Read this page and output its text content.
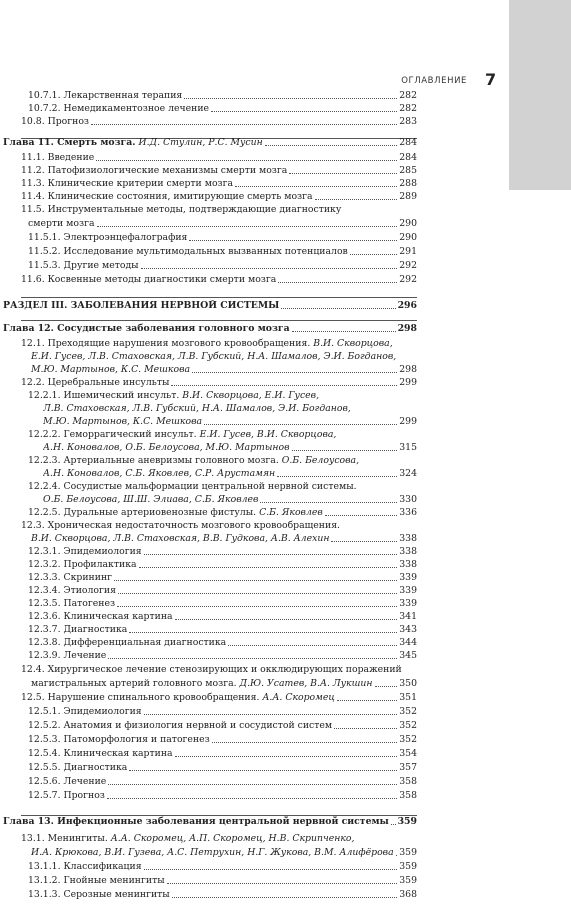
ОГЛАВЛЕНИЕ 7
10.7.1. Лекарственная терапия	282
10.7.2. Немедикаментозное лечение	282
10.8. Прогноз	283
Глава 11. Смерть мозга. И.Д. Стулин, Р.С. Мусин	284
11.1. Введение	284
11.2. Патофизиологические механизмы смерти мозга	285
11.3. Клинические критерии смерти мозга	288
11.4. Клинические состояния, имитирующие смерть мозга	289
11.5. Инструментальные методы, подтверждающие диагностику
смерти мозга	290
11.5.1. Электроэнцефалография	290
11.5.2. Исследование мультимодальных вызванных потенциалов	291
11.5.3. Другие методы	292
11.6. Косвенные методы диагностики смерти мозга	292
РАЗДЕЛ III. ЗАБОЛЕВАНИЯ НЕРВНОЙ СИСТЕМЫ	296
Глава 12. Сосудистые заболевания головного мозга	298
12.1. Преходящие нарушения мозгового кровообращения. В.И. Скворцова,
Е.И. Гусев, Л.В. Стаховская, Л.В. Губский, Н.А. Шамалов, Э.И. Богданов,
М.Ю. Мартынов, К.С. Мешкова	298
12.2. Церебральные инсульты	299
12.2.1. Ишемический инсульт. В.И. Скворцова, Е.И. Гусев,
Л.В. Стаховская, Л.В. Губский, Н.А. Шамалов, Э.И. Богданов,
М.Ю. Мартынов, К.С. Мешкова	299
12.2.2. Геморрагический инсульт. Е.И. Гусев, В.И. Скворцова,
А.Н. Коновалов, О.Б. Белоусова, М.Ю. Мартынов	315
12.2.3. Артериальные аневризмы головного мозга. О.Б. Белоусова,
А.Н. Коновалов, С.Б. Яковлев, С.Р. Арустамян	324
12.2.4. Сосудистые мальформации центральной нервной системы.
О.Б. Белоусова, Ш.Ш. Элиава, С.Б. Яковлев	330
12.2.5. Дуральные артериовенозные фистулы. С.Б. Яковлев	336
12.3. Хроническая недостаточность мозгового кровообращения.
В.И. Скворцова, Л.В. Стаховская, В.В. Гудкова, А.В. Алехин	338
12.3.1. Эпидемиология	338
12.3.2. Профилактика	338
12.3.3. Скрининг	339
12.3.4. Этиология	339
12.3.5. Патогенез	339
12.3.6. Клиническая картина	341
12.3.7. Диагностика	343
12.3.8. Дифференциальная диагностика	344
12.3.9. Лечение	345
12.4. Хирургическое лечение стенозирующих и окклюдирующих поражений
магистральных артерий головного мозга. Д.Ю. Усатев, В.А. Лукшин	350
12.5. Нарушение спинального кровообращения. А.А. Скоромец	351
12.5.1. Эпидемиология	352
12.5.2. Анатомия и физиология нервной и сосудистой систем	352
12.5.3. Патоморфология и патогенез	352
12.5.4. Клиническая картина	354
12.5.5. Диагностика	357
12.5.6. Лечение	358
12.5.7. Прогноз	358
Глава 13. Инфекционные заболевания центральной нервной системы 359
13.1. Менингиты. А.А. Скоромец, А.П. Скоромец, Н.В. Скрипченко,
И.А. Крюкова, В.И. Гузева, А.С. Петрухин, Н.Г. Жукова, В.М. Алифёрова 359
13.1.1. Классификация	359
13.1.2. Гнойные менингиты	359
13.1.3. Серозные менингиты	368
